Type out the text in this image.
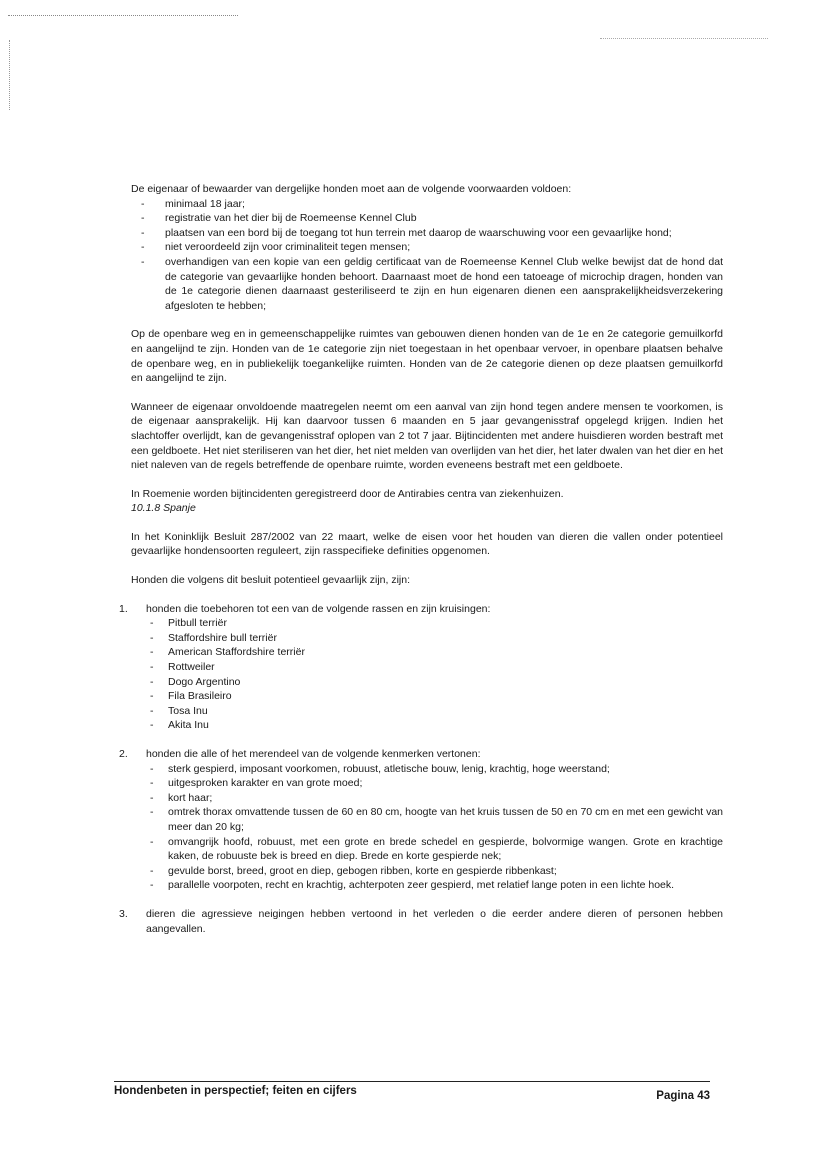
De eigenaar of bewaarder van dergelijke honden moet aan de volgende voorwaarden voldoen:

- minimaal 18 jaar;
- registratie van het dier bij de Roemeense Kennel Club
- plaatsen van een bord bij de toegang tot hun terrein met daarop de waarschuwing voor een gevaarlijke hond;
- niet veroordeeld zijn voor criminaliteit tegen mensen;
- overhandigen van een kopie van een geldig certificaat van de Roemeense Kennel Club welke bewijst dat de hond dat de categorie van gevaarlijke honden behoort. Daarnaast moet de hond een tatoeage of microchip dragen, honden van de 1e categorie dienen daarnaast gesteriliseerd te zijn en hun eigenaren dienen een aansprakelijkheidsverzekering afgesloten te hebben;

Op de openbare weg en in gemeenschappelijke ruimtes van gebouwen dienen honden van de 1e en 2e categorie gemuilkorfd en aangelijnd te zijn. Honden van de 1e categorie zijn niet toegestaan in het openbaar vervoer, in openbare plaatsen behalve de openbare weg, en in publiekelijk toegankelijke ruimten. Honden van de 2e categorie dienen op deze plaatsen gemuilkorfd en aangelijnd te zijn.

Wanneer de eigenaar onvoldoende maatregelen neemt om een aanval van zijn hond tegen andere mensen te voorkomen, is de eigenaar aansprakelijk. Hij kan daarvoor tussen 6 maanden en 5 jaar gevangenisstraf opgelegd krijgen. Indien het slachtoffer overlijdt, kan de gevangenisstraf oplopen van 2 tot 7 jaar. Bijtincidenten met andere huisdieren worden bestraft met een geldboete. Het niet steriliseren van het dier, het niet melden van overlijden van het dier, het later dwalen van het dier en het niet naleven van de regels betreffende de openbare ruimte, worden eveneens bestraft met een geldboete.

In Roemenie worden bijtincidenten geregistreerd door de Antirabies centra van ziekenhuizen.

10.1.8 Spanje

In het Koninklijk Besluit 287/2002 van 22 maart, welke de eisen voor het houden van dieren die vallen onder potentieel gevaarlijke hondensoorten reguleert, zijn rasspecifieke definities opgenomen.

Honden die volgens dit besluit potentieel gevaarlijk zijn, zijn:

1. honden die toebehoren tot een van de volgende rassen en zijn kruisingen:
- Pitbull terriër
- Staffordshire bull terriër
- American Staffordshire terriër
- Rottweiler
- Dogo Argentino
- Fila Brasileiro
- Tosa Inu
- Akita Inu
2. honden die alle of het merendeel van de volgende kenmerken vertonen:
- sterk gespierd, imposant voorkomen, robuust, atletische bouw, lenig, krachtig, hoge weerstand;
- uitgesproken karakter en van grote moed;
- kort haar;
- omtrek thorax omvattende tussen de 60 en 80 cm, hoogte van het kruis tussen de 50 en 70 cm en met een gewicht van meer dan 20 kg;
- omvangrijk hoofd, robuust, met een grote en brede schedel en gespierde, bolvormige wangen. Grote en krachtige kaken, de robuuste bek is breed en diep. Brede en korte gespierde nek;
- gevulde borst, breed, groot en diep, gebogen ribben, korte en gespierde ribbenkast;
- parallelle voorpoten, recht en krachtig, achterpoten zeer gespierd, met relatief lange poten in een lichte hoek.
3. dieren die agressieve neigingen hebben vertoond in het verleden o die eerder andere dieren of personen hebben aangevallen.
Hondenbeten in perspectief; feiten en cijfers	Pagina 43
